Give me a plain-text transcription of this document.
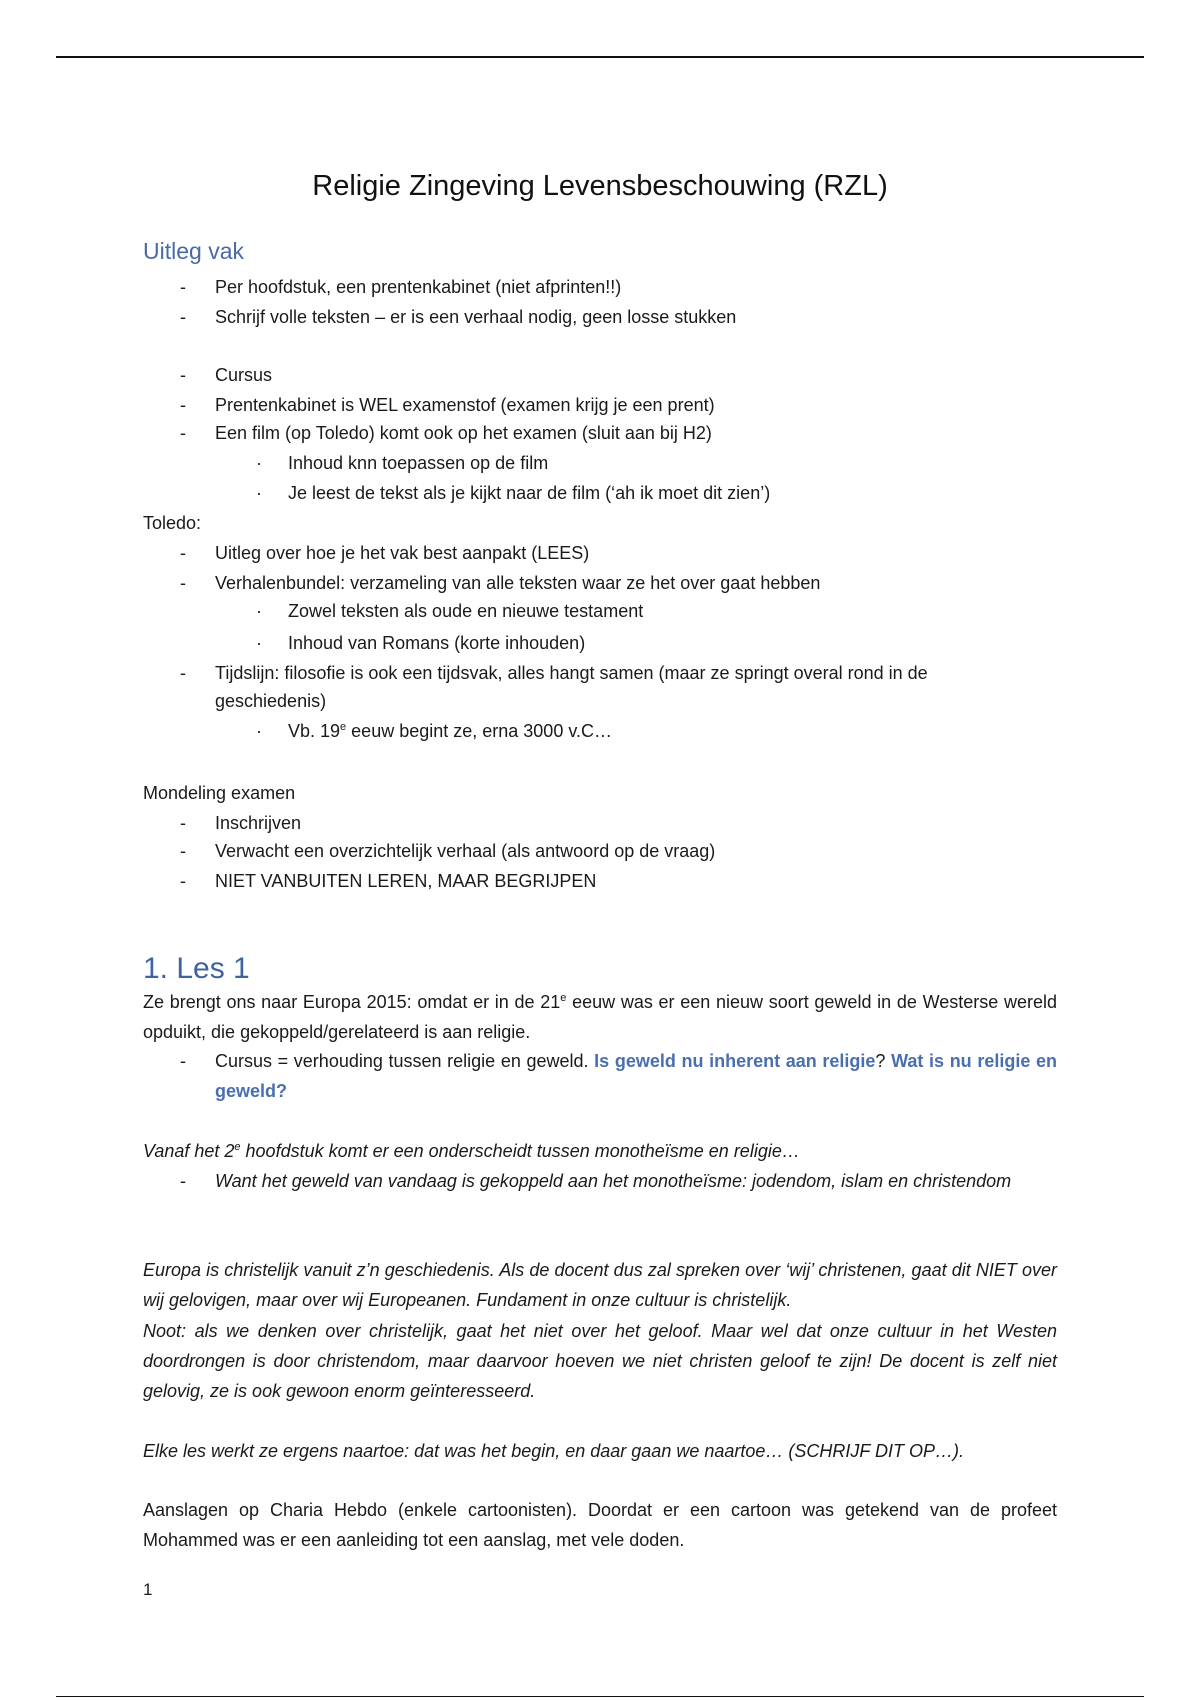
Religie Zingeving Levensbeschouwing (RZL)
Uitleg vak
- Per hoofdstuk, een prentenkabinet (niet afprinten!!)
- Schrijf volle teksten – er is een verhaal nodig, geen losse stukken
- Cursus
- Prentenkabinet is WEL examenstof (examen krijg je een prent)
- Een film (op Toledo) komt ook op het examen (sluit aan bij H2)
· Inhoud knn toepassen op de film
· Je leest de tekst als je kijkt naar de film (‘ah ik moet dit zien’)
Toledo:
- Uitleg over hoe je het vak best aanpakt (LEES)
- Verhalenbundel: verzameling van alle teksten waar ze het over gaat hebben
· Zowel teksten als oude en nieuwe testament
· Inhoud van Romans (korte inhouden)
- Tijdslijn: filosofie is ook een tijdsvak, alles hangt samen (maar ze springt overal rond in de
geschiedenis)
· Vb. 19e eeuw begint ze, erna 3000 v.C…
Mondeling examen
- Inschrijven
- Verwacht een overzichtelijk verhaal (als antwoord op de vraag)
- NIET VANBUITEN LEREN, MAAR BEGRIJPEN
1. Les 1
Ze brengt ons naar Europa 2015: omdat er in de 21e eeuw was er een nieuw soort geweld in de Westerse wereld opduikt, die gekoppeld/gerelateerd is aan religie.
- Cursus = verhouding tussen religie en geweld. Is geweld nu inherent aan religie? Wat is nu religie en geweld?
Vanaf het 2e hoofdstuk komt er een onderscheidt tussen monotheïsme en religie…
- Want het geweld van vandaag is gekoppeld aan het monotheïsme: jodendom, islam en christendom
Europa is christelijk vanuit z’n geschiedenis. Als de docent dus zal spreken over ‘wij’ christenen, gaat dit NIET over wij gelovigen, maar over wij Europeanen. Fundament in onze cultuur is christelijk.
Noot: als we denken over christelijk, gaat het niet over het geloof. Maar wel dat onze cultuur in het Westen doordrongen is door christendom, maar daarvoor hoeven we niet christen geloof te zijn! De docent is zelf niet gelovig, ze is ook gewoon enorm geïnteresseerd.
Elke les werkt ze ergens naartoe: dat was het begin, en daar gaan we naartoe… (SCHRIJF DIT OP…).
Aanslagen op Charia Hebdo (enkele cartoonisten). Doordat er een cartoon was getekend van de profeet Mohammed was er een aanleiding tot een aanslag, met vele doden.
1
